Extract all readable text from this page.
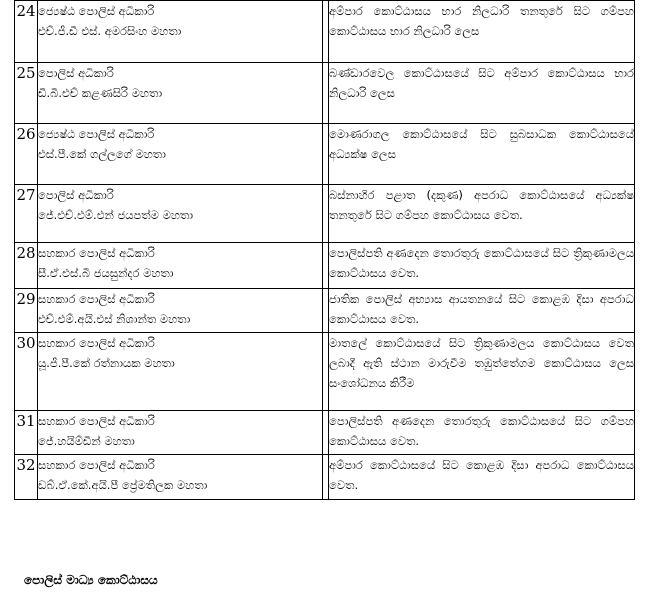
24	ජ්‍යෙෂ්ඨ පොලිස් අධිකාරි
එච්.ජී.ඩී එස්. අමරසිංහ මහතා		අම්පාර කොට්ඨාසය භාර නිලධාරි තනතුරේ සිට ගම්පහ කොට්ඨාසය භාර නිලධාරි ලෙස
25	පොලිස් අධිකාරි
ඩී.බී.එච් කළණසිරි මහතා		බණ්ඩාරවෙල කොට්ඨාසයේ සිට අම්පාර කොට්ඨාසය භාර නිලධාරි ලෙස
26	ජ්‍යෙෂ්ඨ පොලිස් අධිකාරි
එස්.පී.කේ ගල්ලගේ මහතා		මොණරාගල කොට්ඨාසයේ සිට සුබසාධක කොට්ඨාසයේ අධ්‍යක්ෂ ලෙස
27	පොලිස් අධිකාරි
ජේ.එච්.එම්.එන් ජයපත්ම මහතා		බස්නාහිර පළාත (දකුණ) අපරාධ කොට්ඨාසයේ අධ්‍යක්ෂ තනතුරේ සිට ගම්පහ කොට්ඨාසය වෙත.
28	සහකාර පොලිස් අධිකාරි
සී.ඒ.එස්.බී ජයසුන්දර මහතා		පොලිස්පති අණදෙන තොරතුරු කොට්ඨාසයේ සිට ත්‍රිකුණාමලය කොට්ඨාසය වෙත.
29	සහකාර පොලිස් අධිකාරි
එච්.එම්.අයි.එස් නිශාන්ත මහතා		ජාතික පොලිස් අභ්‍යාස ආයතනයේ සිට කොළඹ දිසා අපරාධ කොට්ඨාසය වෙත.
30	සහකාර පොලිස් අධිකාරි
යූ.ජී.පී.කේ රත්නායක මහතා		මාතලේ කොට්ඨාසයේ සිට ත්‍රිකුණාමලය කොට්ඨාසය වෙත ලබාදී ඇති ස්ථාන මාරුවීම තඹුත්තේගම කොට්ඨාසය ලෙස සංශෝධනය කිරීම
31	සහකාර පොලිස් අධිකාරි
ජේ.හයිම්ඩීන් මහතා		පොලිස්පති අණදෙන තොරතුරු කොට්ඨාසයේ සිට ගම්පහ කොට්ඨාසය වෙත.
32	සහකාර පොලිස් අධිකාරි
ඩබ්.ඒ.කේ.අයි.පී ප්‍රේමතිලක මහතා		අම්පාර කොට්ඨාසයේ සිට කොළඹ දිසා අපරාධ කොට්ඨාසය වෙත.
පොලිස් මාධ්‍ය කොට්ඨාසය
